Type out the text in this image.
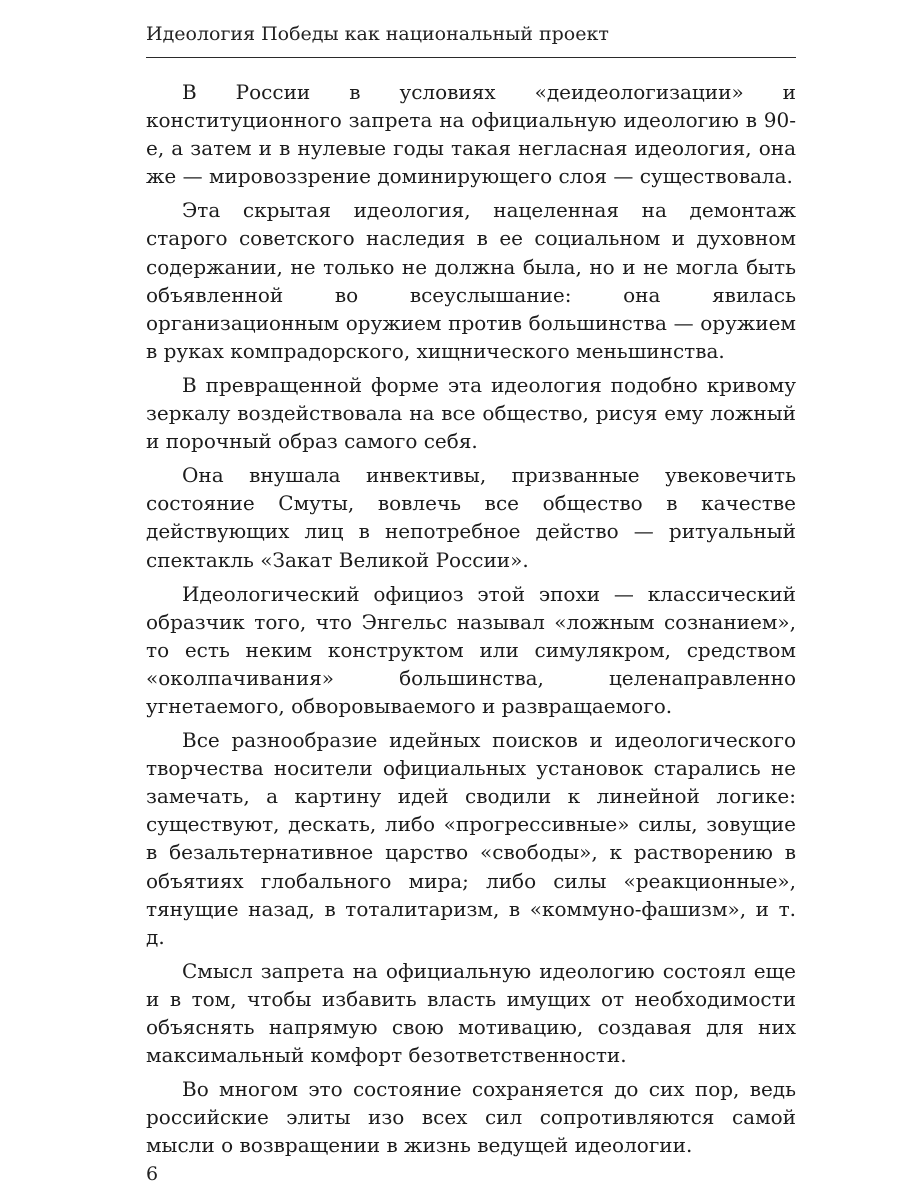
Идеология Победы как национальный проект

В России в условиях «деидеологизации» и конституционного запрета на официальную идеологию в 90-е, а затем и в нулевые годы такая негласная идеология, она же — мировоззрение доминирующего слоя — существовала.

Эта скрытая идеология, нацеленная на демонтаж старого советского наследия в ее социальном и духовном содержании, не только не должна была, но и не могла быть объявленной во всеуслышание: она явилась организационным оружием против большинства — оружием в руках компрадорского, хищнического меньшинства.

В превращенной форме эта идеология подобно кривому зеркалу воздействовала на все общество, рисуя ему ложный и порочный образ самого себя.

Она внушала инвективы, призванные увековечить состояние Смуты, вовлечь все общество в качестве действующих лиц в непотребное действо — ритуальный спектакль «Закат Великой России».

Идеологический официоз этой эпохи — классический образчик того, что Энгельс называл «ложным сознанием», то есть неким конструктом или симулякром, средством «околпачивания» большинства, целенаправленно угнетаемого, обворовываемого и развращаемого.

Все разнообразие идейных поисков и идеологического творчества носители официальных установок старались не замечать, а картину идей сводили к линейной логике: существуют, дескать, либо «прогрессивные» силы, зовущие в безальтернативное царство «свободы», к растворению в объятиях глобального мира; либо силы «реакционные», тянущие назад, в тоталитаризм, в «коммуно-фашизм», и т. д.

Смысл запрета на официальную идеологию состоял еще и в том, чтобы избавить власть имущих от необходимости объяснять напрямую свою мотивацию, создавая для них максимальный комфорт безответственности.

Во многом это состояние сохраняется до сих пор, ведь российские элиты изо всех сил сопротивляются самой мысли о возвращении в жизнь ведущей идеологии.

6
